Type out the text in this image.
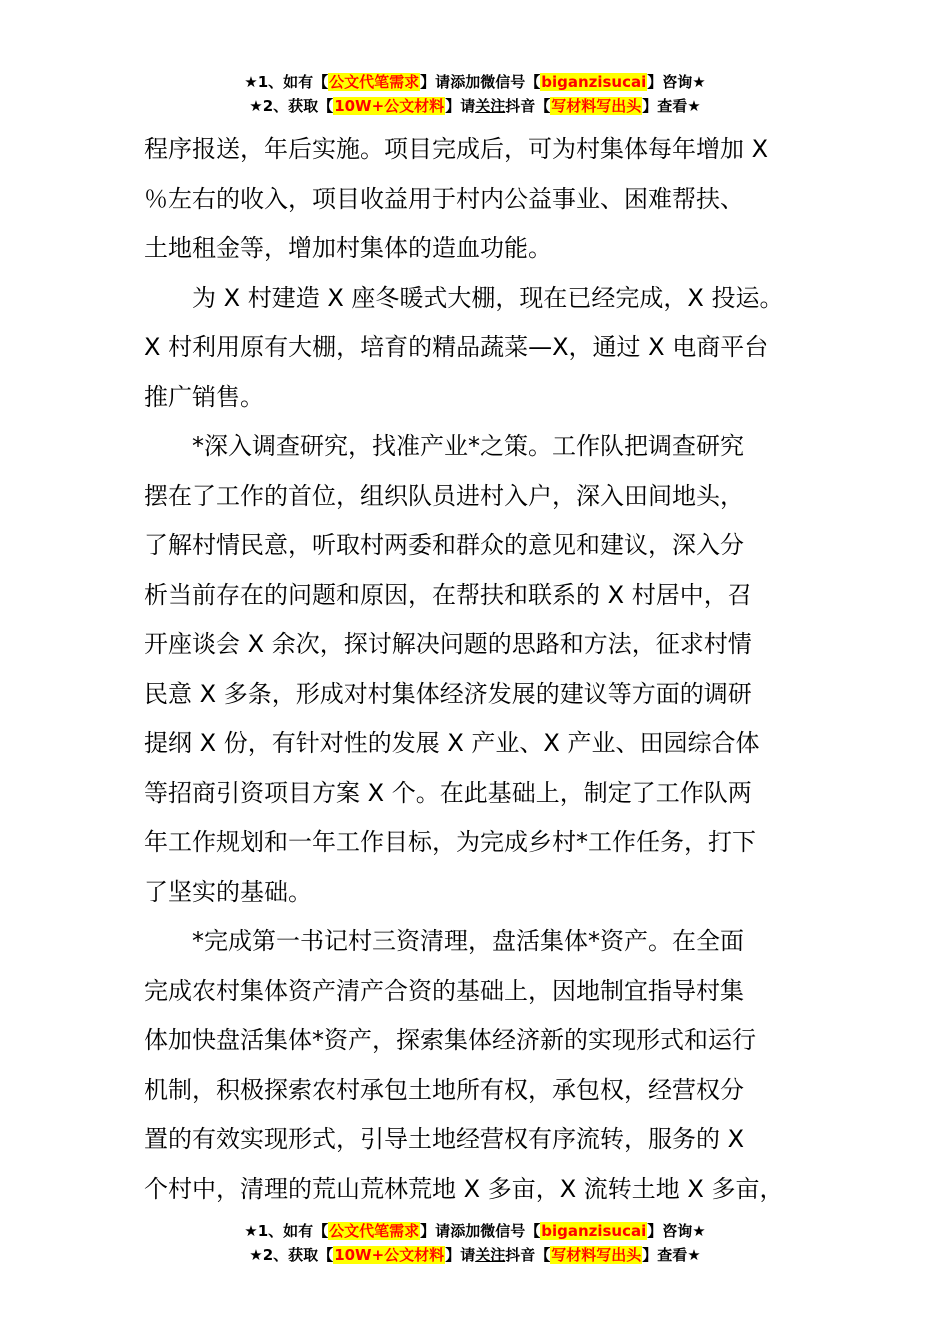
★1、如有【公文代笔需求】请添加微信号【biganzisucai】咨询★
★2、获取【10W+公文材料】请关注抖音【写材料写出头】查看★

程序报送，年后实施。项目完成后，可为村集体每年增加 X

％左右的收入，项目收益用于村内公益事业、困难帮扶、

土地租金等，增加村集体的造血功能。

为 X 村建造 X 座冬暖式大棚，现在已经完成，X 投运。

X 村利用原有大棚，培育的精品蔬菜—X，通过 X 电商平台

推广销售。

*深入调查研究，找准产业*之策。工作队把调查研究

摆在了工作的首位，组织队员进村入户，深入田间地头，

了解村情民意，听取村两委和群众的意见和建议，深入分

析当前存在的问题和原因，在帮扶和联系的 X 村居中，召

开座谈会 X 余次，探讨解决问题的思路和方法，征求村情

民意 X 多条，形成对村集体经济发展的建议等方面的调研

提纲 X 份，有针对性的发展 X 产业、X 产业、田园综合体

等招商引资项目方案 X 个。在此基础上，制定了工作队两

年工作规划和一年工作目标，为完成乡村*工作任务，打下

了坚实的基础。

*完成第一书记村三资清理，盘活集体*资产。在全面

完成农村集体资产清产合资的基础上，因地制宜指导村集

体加快盘活集体*资产，探索集体经济新的实现形式和运行

机制，积极探索农村承包土地所有权，承包权，经营权分

置的有效实现形式，引导土地经营权有序流转，服务的 X

个村中，清理的荒山荒林荒地 X 多亩，X 流转土地 X 多亩，

★1、如有【公文代笔需求】请添加微信号【biganzisucai】咨询★
★2、获取【10W+公文材料】请关注抖音【写材料写出头】查看★
